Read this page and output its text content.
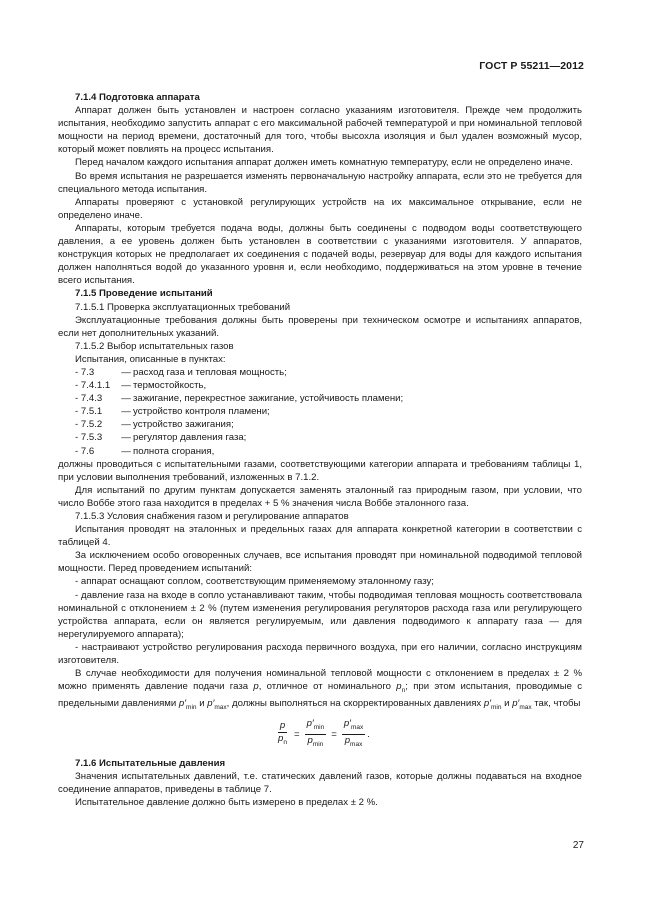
ГОСТ Р 55211—2012

7.1.4 Подготовка аппарата

Аппарат должен быть установлен и настроен согласно указаниям изготовителя. Прежде чем продолжить испытания, необходимо запустить аппарат с его максимальной рабочей температурой и при номинальной тепловой мощности на период времени, достаточный для того, чтобы высохла изоляция и был удален возможный мусор, который может повлиять на процесс испытания.

Перед началом каждого испытания аппарат должен иметь комнатную температуру, если не определено иначе.

Во время испытания не разрешается изменять первоначальную настройку аппарата, если это не требуется для специального метода испытания.

Аппараты проверяют с установкой регулирующих устройств на их максимальное открывание, если не определено иначе.

Аппараты, которым требуется подача воды, должны быть соединены с подводом воды соответствующего давления, а ее уровень должен быть установлен в соответствии с указаниями изготовителя. У аппаратов, конструкция которых не предполагает их соединения с подачей воды, резервуар для воды для каждого испытания должен наполняться водой до указанного уровня и, если необходимо, поддерживаться на этом уровне в течение всего испытания.

7.1.5 Проведение испытаний

7.1.5.1 Проверка эксплуатационных требований

Эксплуатационные требования должны быть проверены при техническом осмотре и испытаниях аппаратов, если нет дополнительных указаний.

7.1.5.2 Выбор испытательных газов

Испытания, описанные в пунктах:

- 7.3	— расход газа и тепловая мощность;
- 7.4.1.1	— термостойкость,
- 7.4.3	— зажигание, перекрестное зажигание, устойчивость пламени;
- 7.5.1	— устройство контроля пламени;
- 7.5.2	— устройство зажигания;
- 7.5.3	— регулятор давления газа;
- 7.6	— полнота сгорания,

должны проводиться с испытательными газами, соответствующими категории аппарата и требованиям таблицы 1, при условии выполнения требований, изложенных в 7.1.2.

Для испытаний по другим пунктам допускается заменять эталонный газ природным газом, при условии, что число Воббе этого газа находится в пределах + 5 % значения числа Воббе эталонного газа.

7.1.5.3 Условия снабжения газом и регулирование аппаратов

Испытания проводят на эталонных и предельных газах для аппарата конкретной категории в соответствии с таблицей 4.

За исключением особо оговоренных случаев, все испытания проводят при номинальной подводимой тепловой мощности. Перед проведением испытаний:

- аппарат оснащают соплом, соответствующим применяемому эталонному газу;

- давление газа на входе в сопло устанавливают таким, чтобы подводимая тепловая мощность соответствовала номинальной с отклонением ± 2 % (путем изменения регулирования регуляторов расхода газа или регулирующего устройства аппарата, если он является регулируемым, или давления подводимого к аппарату газа — для нерегулируемого аппарата);

- настраивают устройство регулирования расхода первичного воздуха, при его наличии, согласно инструкциям изготовителя.

В случае необходимости для получения номинальной тепловой мощности с отклонением в пределах ± 2 % можно применять давление подачи газа p, отличное от номинального $p_n$; при этом испытания, проводимые с предельными давлениями $p'_{min}$ и $p'_{max}$, должны выполняться на скорректированных давлениях $p'_{min}$ и $p'_{max}$ так, чтобы

$\frac{p}{p_n} = \frac{p'_{min}}{p_{min}} = \frac{p'_{max}}{p_{max}}$ .

7.1.6 Испытательные давления

Значения испытательных давлений, т.е. статических давлений газов, которые должны подаваться на входное соединение аппаратов, приведены в таблице 7.

Испытательное давление должно быть измерено в пределах ± 2 %.

27
